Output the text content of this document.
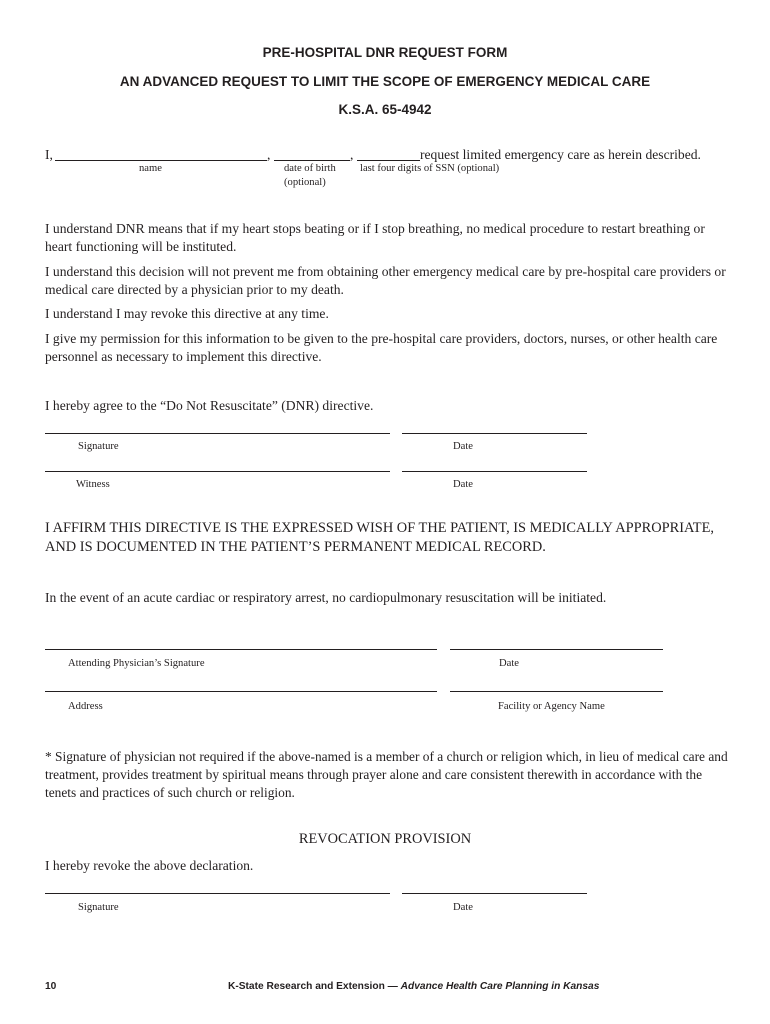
PRE-HOSPITAL DNR REQUEST FORM
AN ADVANCED REQUEST TO LIMIT THE SCOPE OF EMERGENCY MEDICAL CARE
K.S.A. 65-4942
I,	,	,	request limited emergency care as herein described.
name	date of birth
(optional)
last four digits of SSN (optional)
I understand DNR means that if my heart stops beating or if I stop breathing, no medical procedure to restart breathing or heart functioning will be instituted.
I understand this decision will not prevent me from obtaining other emergency medical care by pre-hospital care providers or medical care directed by a physician prior to my death.
I understand I may revoke this directive at any time.
I give my permission for this information to be given to the pre-hospital care providers, doctors, nurses, or other health care personnel as necessary to implement this directive.
I hereby agree to the “Do Not Resuscitate” (DNR) directive.
Signature	Date
Witness	Date
I AFFIRM THIS DIRECTIVE IS THE EXPRESSED WISH OF THE PATIENT, IS MEDICALLY APPROPRIATE, AND IS DOCUMENTED IN THE PATIENT’S PERMANENT MEDICAL RECORD.
In the event of an acute cardiac or respiratory arrest, no cardiopulmonary resuscitation will be initiated.
Attending Physician’s Signature	Date
Address	Facility or Agency Name
* Signature of physician not required if the above-named is a member of a church or religion which, in lieu of medical care and treatment, provides treatment by spiritual means through prayer alone and care consistent therewith in accordance with the tenets and practices of such church or religion.
REVOCATION PROVISION
I hereby revoke the above declaration.
Signature	Date
10	K-State Research and Extension — Advance Health Care Planning in Kansas
